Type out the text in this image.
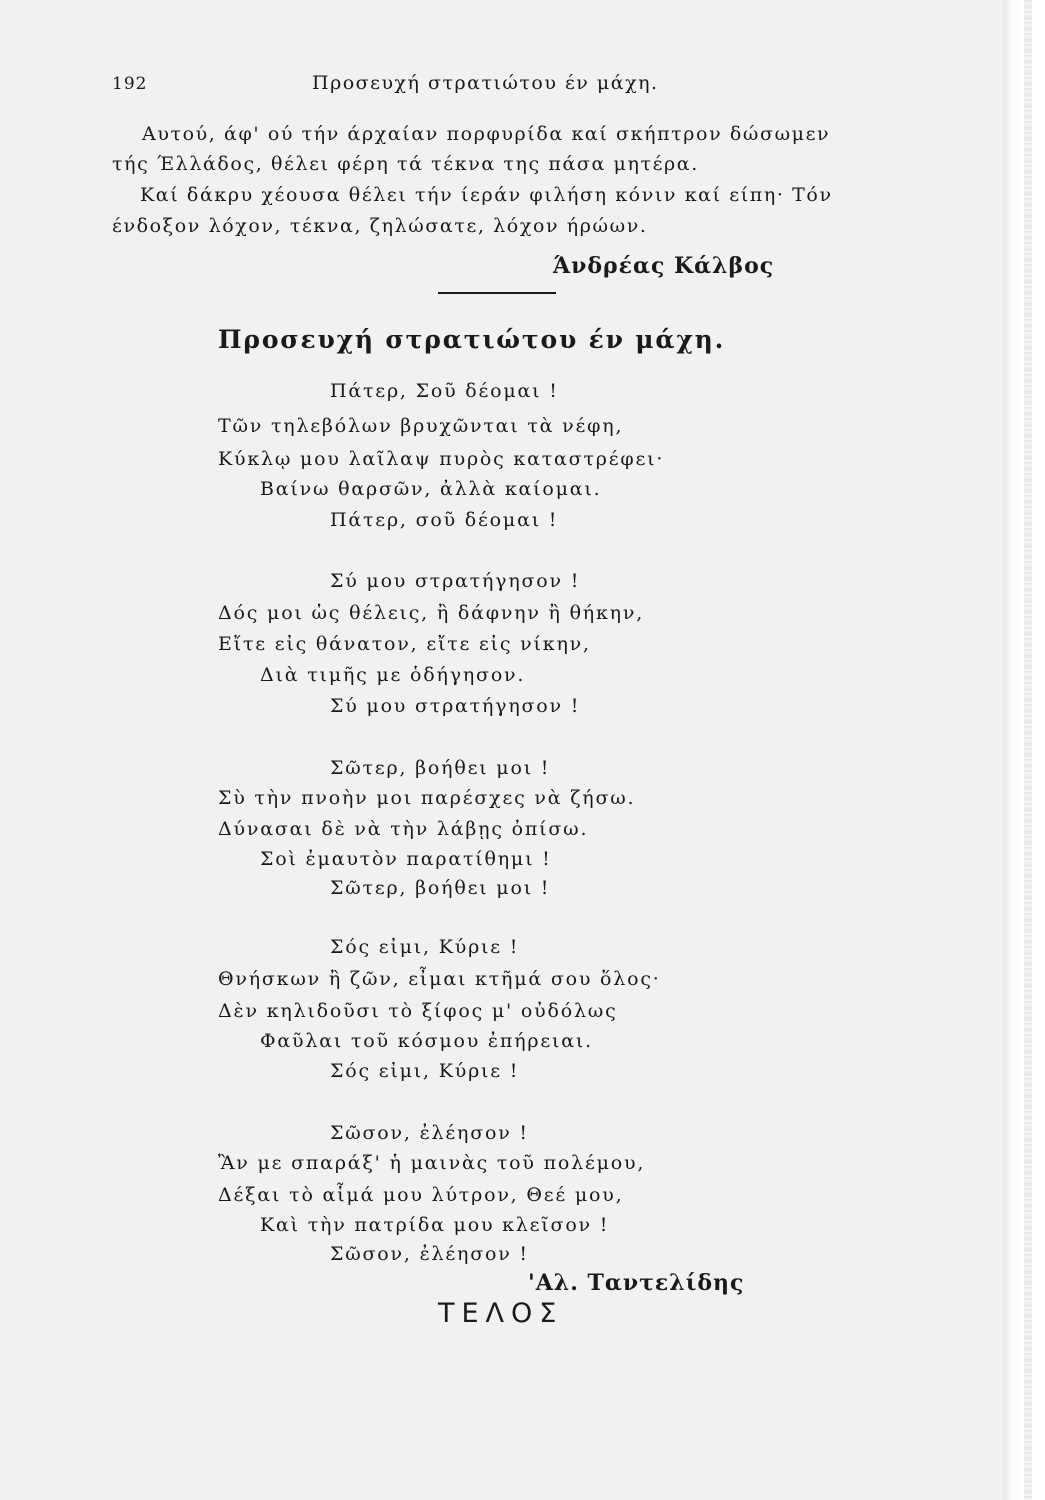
192	Προσευχή στρατιώτου έν μάχη.
Αυτού, άφ' ού τήν άρχαίαν πορφυρίδα καί σκήπτρον δώσωμεν
τής Έλλάδος, θέλει φέρη τά τέκνα της πάσα μητέρα.
Καί δάκρυ χέουσα θέλει τήν ίεράν φιλήση κόνιν καί είπη· Τόν
ένδοξον λόχον, τέκνα, ζηλώσατε, λόχον ήρώων.
Άνδρέας Κάλβος
Προσευχή στρατιώτου έν μάχη.
Πάτερ, Σοῦ δέομαι !
Τῶν τηλεβόλων βρυχῶνται τὰ νέφη,
Κύκλῳ μου λαῖλαψ πυρὸς καταστρέφει·
Βαίνω θαρσῶν, ἀλλὰ καίομαι.
Πάτερ, σοῦ δέομαι !
Σύ μου στρατήγησον !
Δός μοι ὡς θέλεις, ἢ δάφνην ἢ θήκην,
Εἴτε εἰς θάνατον, εἴτε εἰς νίκην,
Διὰ τιμῆς με ὁδήγησον.
Σύ μου στρατήγησον !
Σῶτερ, βοήθει μοι !
Σὺ τὴν πνοὴν μοι παρέσχες νὰ ζήσω.
Δύνασαι δὲ νὰ τὴν λάβῃς ὀπίσω.
Σοὶ ἐμαυτὸν παρατίθημι !
Σῶτερ, βοήθει μοι !
Σός εἰμι, Κύριε !
Θνήσκων ἢ ζῶν, εἶμαι κτῆμά σου ὅλος·
Δὲν κηλιδοῦσι τὸ ξίφος μ' οὐδόλως
Φαῦλαι τοῦ κόσμου ἐπήρειαι.
Σός εἰμι, Κύριε !
Σῶσον, ἐλέησον !
Ἂν με σπαράξ' ἡ μαινὰς τοῦ πολέμου,
Δέξαι τὸ αἷμά μου λύτρον, Θεέ μου,
Καὶ τὴν πατρίδα μου κλεῖσον !
Σῶσον, ἐλέησον !
'Αλ. Ταντελίδης
ΤΕΛΟΣ
